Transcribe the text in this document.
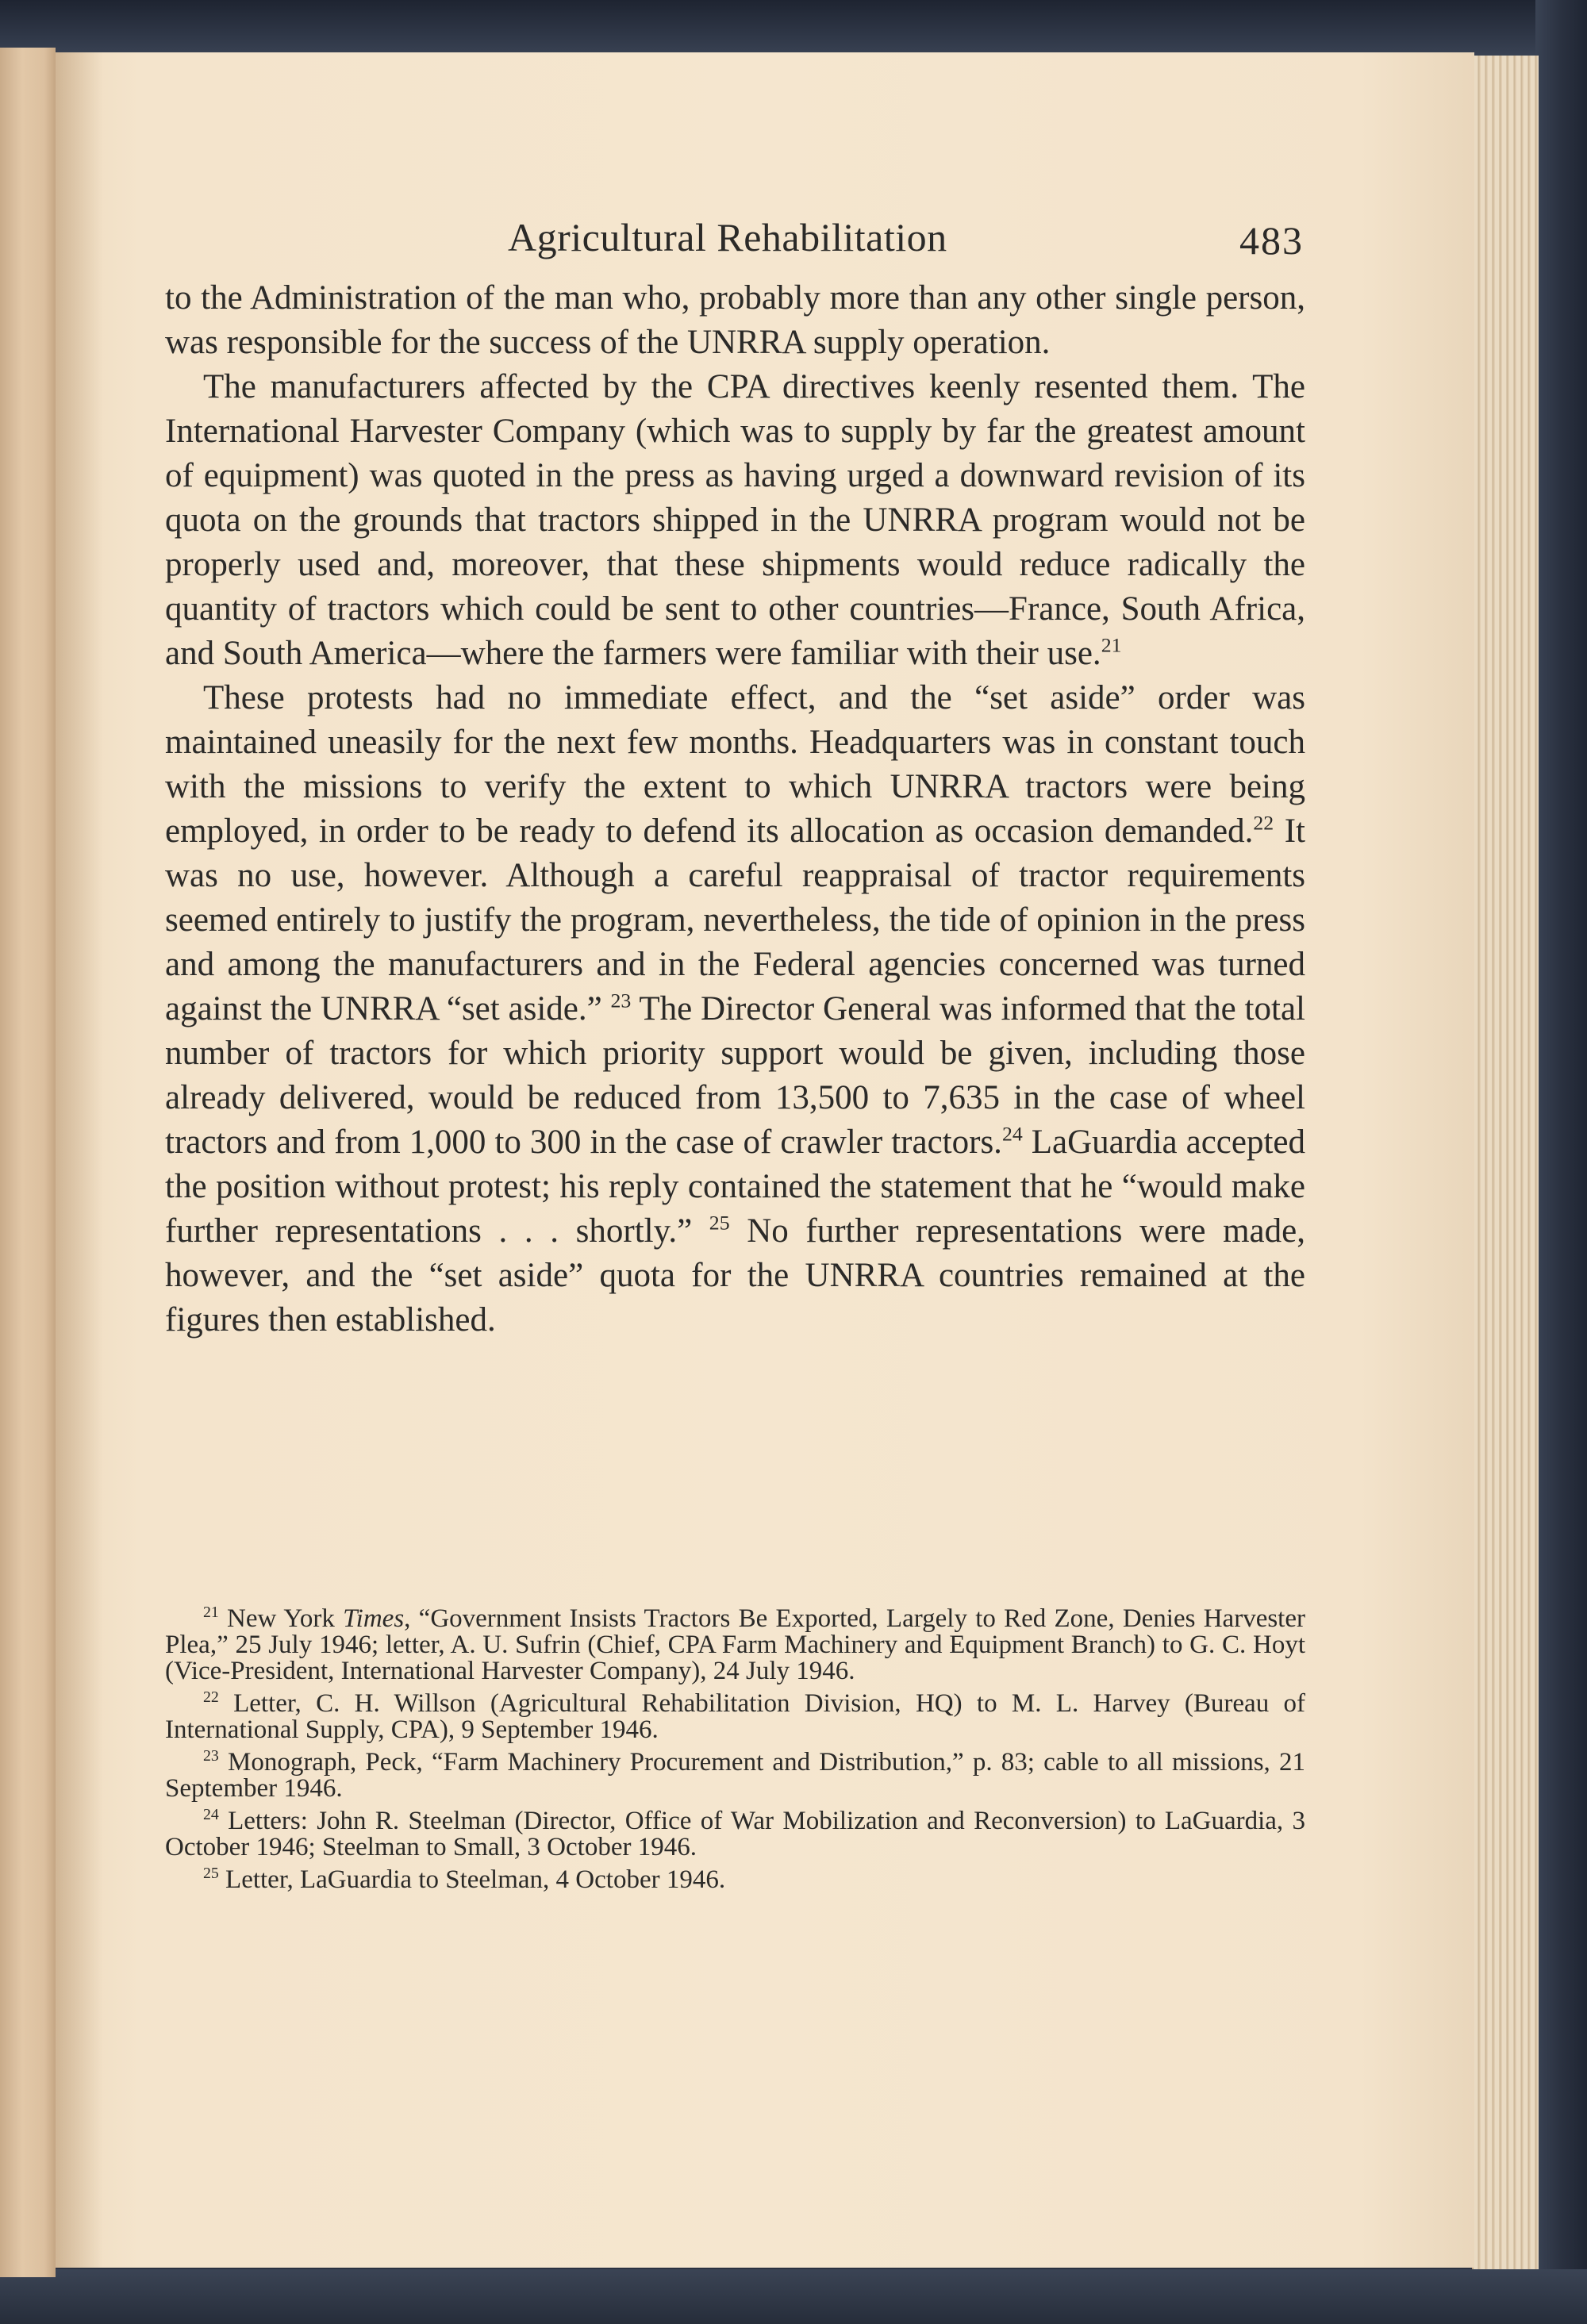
Agricultural Rehabilitation	483

to the Administration of the man who, probably more than any other single person, was responsible for the success of the UNRRA supply operation.

The manufacturers affected by the CPA directives keenly resented them. The International Harvester Company (which was to supply by far the greatest amount of equipment) was quoted in the press as having urged a downward revision of its quota on the grounds that tractors shipped in the UNRRA program would not be properly used and, moreover, that these shipments would reduce radically the quantity of tractors which could be sent to other countries—France, South Africa, and South America—where the farmers were familiar with their use.$^{21}$

These protests had no immediate effect, and the “set aside” order was maintained uneasily for the next few months. Headquarters was in constant touch with the missions to verify the extent to which UNRRA tractors were being employed, in order to be ready to defend its allocation as occasion demanded.$^{22}$ It was no use, however. Although a careful reappraisal of tractor requirements seemed entirely to justify the program, nevertheless, the tide of opinion in the press and among the manufacturers and in the Federal agencies concerned was turned against the UNRRA “set aside.” $^{23}$ The Director General was informed that the total number of tractors for which priority support would be given, including those already delivered, would be reduced from 13,500 to 7,635 in the case of wheel tractors and from 1,000 to 300 in the case of crawler tractors.$^{24}$ LaGuardia accepted the position without protest; his reply contained the statement that he “would make further representations . . . shortly.” $^{25}$ No further representations were made, however, and the “set aside” quota for the UNRRA countries remained at the figures then established.

$^{21}$ New York Times, “Government Insists Tractors Be Exported, Largely to Red Zone, Denies Harvester Plea,” 25 July 1946; letter, A. U. Sufrin (Chief, CPA Farm Machinery and Equipment Branch) to G. C. Hoyt (Vice-President, International Harvester Company), 24 July 1946.

$^{22}$ Letter, C. H. Willson (Agricultural Rehabilitation Division, HQ) to M. L. Harvey (Bureau of International Supply, CPA), 9 September 1946.

$^{23}$ Monograph, Peck, “Farm Machinery Procurement and Distribution,” p. 83; cable to all missions, 21 September 1946.

$^{24}$ Letters: John R. Steelman (Director, Office of War Mobilization and Reconversion) to LaGuardia, 3 October 1946; Steelman to Small, 3 October 1946.

$^{25}$ Letter, LaGuardia to Steelman, 4 October 1946.
